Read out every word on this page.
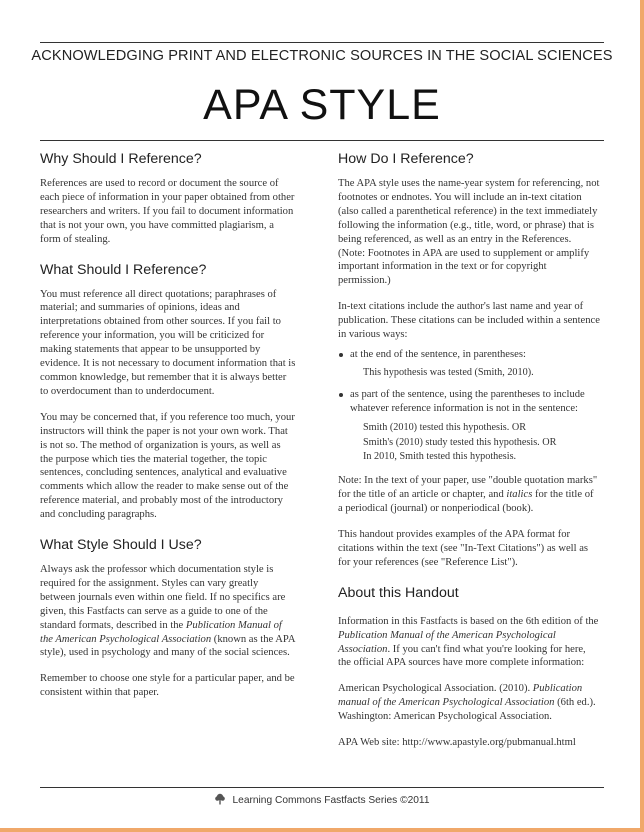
ACKNOWLEDGING PRINT AND ELECTRONIC SOURCES IN THE SOCIAL SCIENCES
APA STYLE
Why Should I Reference?

References are used to record or document the source of each piece of information in your paper obtained from other researchers and writers. If you fail to document information that is not your own, you have committed plagiarism, a form of stealing.

What Should I Reference?

You must reference all direct quotations; paraphrases of material; and summaries of opinions, ideas and interpretations obtained from other sources. If you fail to reference your information, you will be criticized for making statements that appear to be unsupported by evidence. It is not necessary to document information that is common knowledge, but remember that it is always better to overdocument than to underdocument.

You may be concerned that, if you reference too much, your instructors will think the paper is not your own work. That is not so. The method of organization is yours, as well as the purpose which ties the material together, the topic sentences, concluding sentences, analytical and evaluative comments which allow the reader to make sense out of the reference material, and probably most of the introductory and concluding paragraphs.

What Style Should I Use?

Always ask the professor which documentation style is required for the assignment. Styles can vary greatly between journals even within one field. If no specifics are given, this Fastfacts can serve as a guide to one of the standard formats, described in the Publication Manual of the American Psychological Association (known as the APA style), used in psychology and many of the social sciences.

Remember to choose one style for a particular paper, and be consistent within that paper.

How Do I Reference?

The APA style uses the name-year system for referencing, not footnotes or endnotes. You will include an in-text citation (also called a parenthetical reference) in the text immediately following the information (e.g., title, word, or phrase) that is being referenced, as well as an entry in the References. (Note: Footnotes in APA are used to supplement or amplify important information in the text or for copyright permission.)

In-text citations include the author's last name and year of publication. These citations can be included within a sentence in various ways:

at the end of the sentence, in parentheses:
This hypothesis was tested (Smith, 2010).
as part of the sentence, using the parentheses to include whatever reference information is not in the sentence:
Smith (2010) tested this hypothesis. OR
Smith's (2010) study tested this hypothesis. OR
In 2010, Smith tested this hypothesis.

Note: In the text of your paper, use "double quotation marks" for the title of an article or chapter, and italics for the title of a periodical (journal) or nonperiodical (book).

This handout provides examples of the APA format for citations within the text (see "In-Text Citations") as well as for your references (see "Reference List").

About this Handout

Information in this Fastfacts is based on the 6th edition of the Publication Manual of the American Psychological Association. If you can't find what you're looking for here, the official APA sources have more complete information:

American Psychological Association. (2010). Publication manual of the American Psychological Association (6th ed.). Washington: American Psychological Association.

APA Web site: http://www.apastyle.org/pubmanual.html

Learning Commons Fastfacts Series ©2011
